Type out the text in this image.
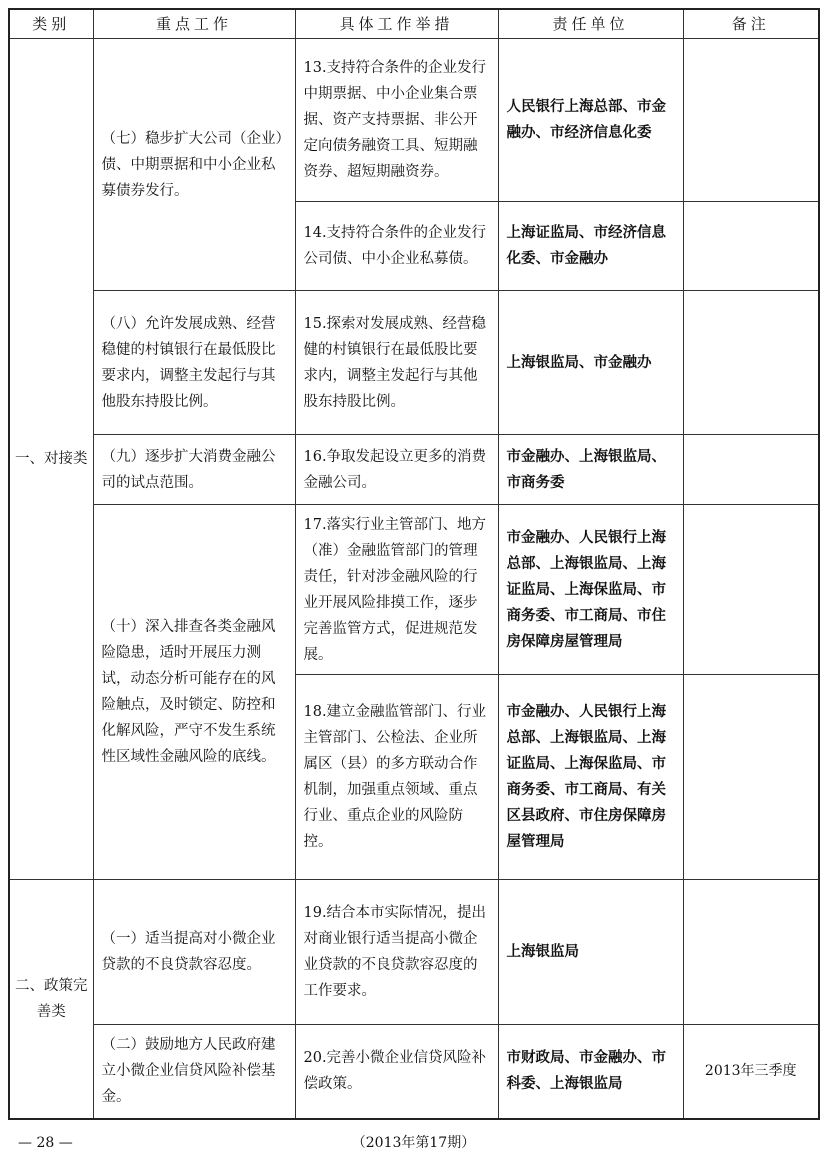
类别	重点工作	具体工作举措	责任单位	备注
一、对接类	（七）稳步扩大公司（企业）债、中期票据和中小企业私募债券发行。	13.支持符合条件的企业发行中期票据、中小企业集合票据、资产支持票据、非公开定向债务融资工具、短期融资券、超短期融资券。	人民银行上海总部、市金融办、市经济信息化委	
		14.支持符合条件的企业发行公司债、中小企业私募债。	上海证监局、市经济信息化委、市金融办	
	（八）允许发展成熟、经营稳健的村镇银行在最低股比要求内，调整主发起行与其他股东持股比例。	15.探索对发展成熟、经营稳健的村镇银行在最低股比要求内，调整主发起行与其他股东持股比例。	上海银监局、市金融办	
	（九）逐步扩大消费金融公司的试点范围。	16.争取发起设立更多的消费金融公司。	市金融办、上海银监局、市商务委	
	（十）深入排查各类金融风险隐患，适时开展压力测试，动态分析可能存在的风险触点，及时锁定、防控和化解风险，严守不发生系统性区域性金融风险的底线。	17.落实行业主管部门、地方（准）金融监管部门的管理责任，针对涉金融风险的行业开展风险排摸工作，逐步完善监管方式，促进规范发展。	市金融办、人民银行上海总部、上海银监局、上海证监局、上海保监局、市商务委、市工商局、市住房保障房屋管理局	
		18.建立金融监管部门、行业主管部门、公检法、企业所属区（县）的多方联动合作机制，加强重点领域、重点行业、重点企业的风险防控。	市金融办、人民银行上海总部、上海银监局、上海证监局、上海保监局、市商务委、市工商局、有关区县政府、市住房保障房屋管理局	

二、政策完善类	（一）适当提高对小微企业贷款的不良贷款容忍度。	19.结合本市实际情况，提出对商业银行适当提高小微企业贷款的不良贷款容忍度的工作要求。	上海银监局	
	（二）鼓励地方人民政府建立小微企业信贷风险补偿基金。	20.完善小微企业信贷风险补偿政策。	市财政局、市金融办、市科委、上海银监局	2013年三季度
— 28 —	（2013年第17期）
